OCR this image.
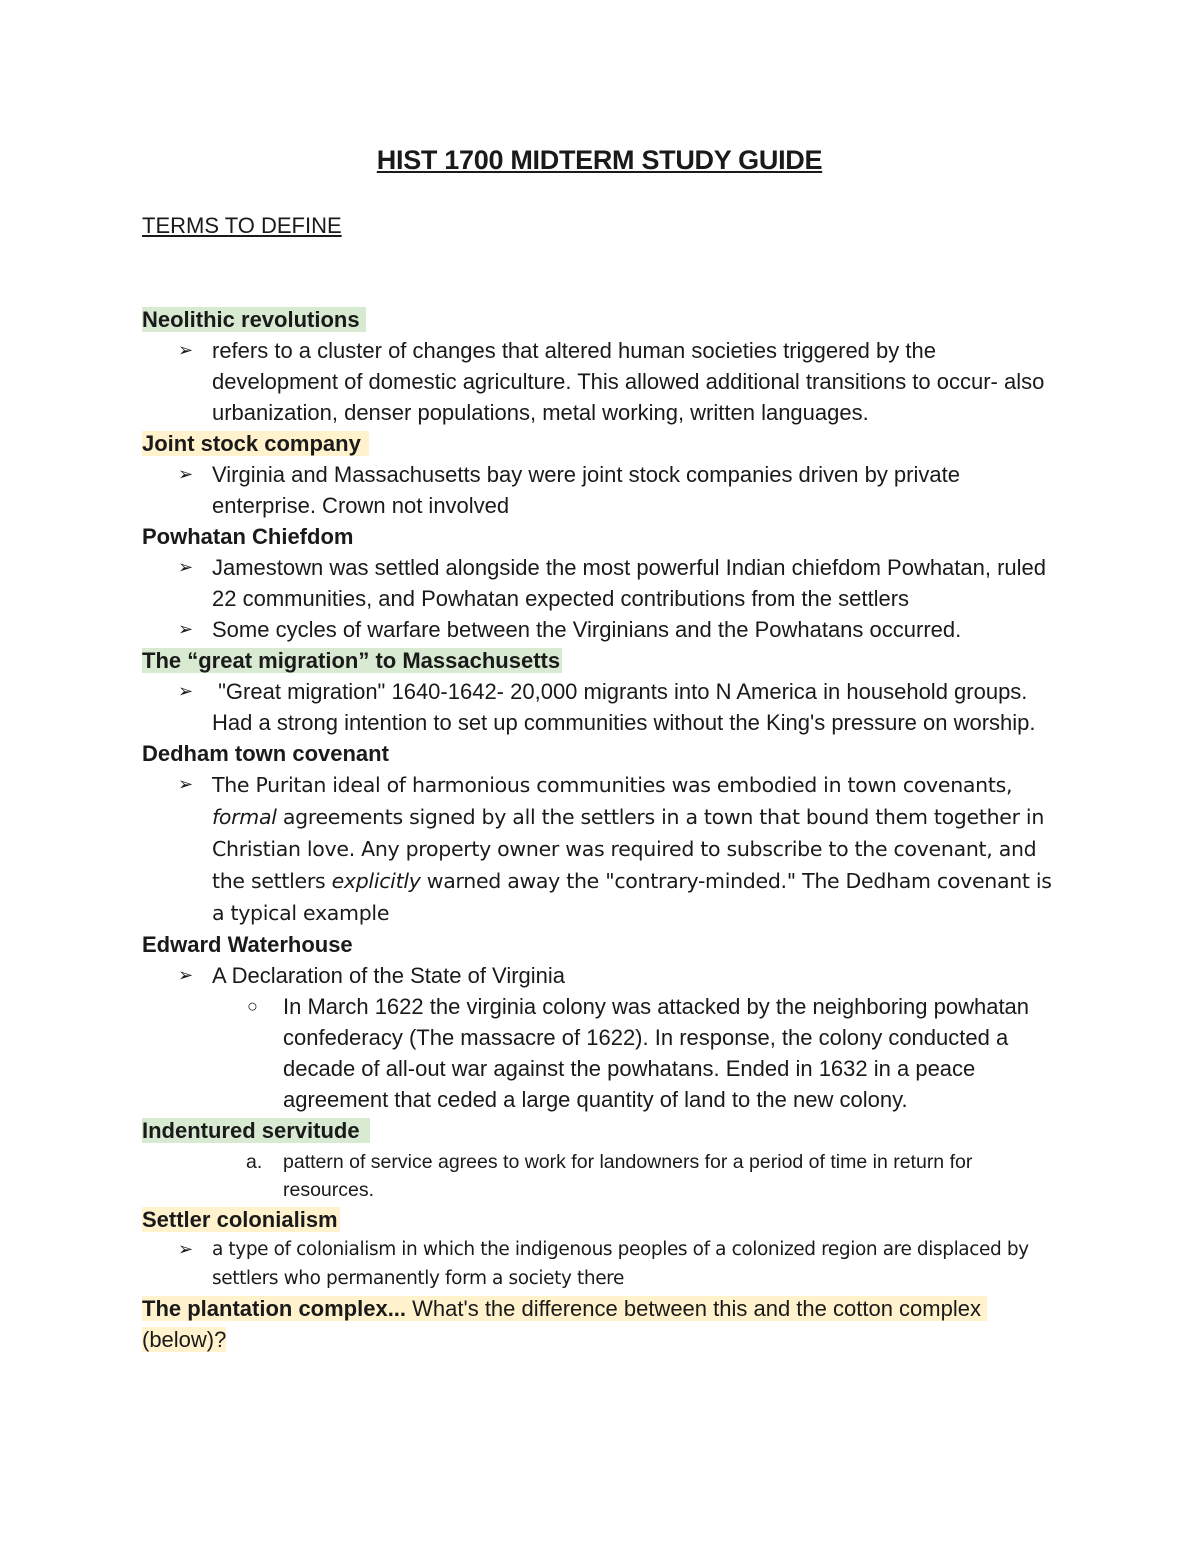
HIST 1700 MIDTERM STUDY GUIDE
TERMS TO DEFINE
Neolithic revolutions
➢ refers to a cluster of changes that altered human societies triggered by the development of domestic agriculture. This allowed additional transitions to occur- also urbanization, denser populations, metal working, written languages.
Joint stock company
➢ Virginia and Massachusetts bay were joint stock companies driven by private enterprise. Crown not involved
Powhatan Chiefdom
➢ Jamestown was settled alongside the most powerful Indian chiefdom Powhatan, ruled 22 communities, and Powhatan expected contributions from the settlers
➢ Some cycles of warfare between the Virginians and the Powhatans occurred.
The “great migration” to Massachusetts
➢ "Great migration" 1640-1642- 20,000 migrants into N America in household groups. Had a strong intention to set up communities without the King's pressure on worship.
Dedham town covenant
➢ The Puritan ideal of harmonious communities was embodied in town covenants, formal agreements signed by all the settlers in a town that bound them together in Christian love. Any property owner was required to subscribe to the covenant, and the settlers explicitly warned away the "contrary-minded." The Dedham covenant is a typical example
Edward Waterhouse
➢ A Declaration of the State of Virginia
○ In March 1622 the virginia colony was attacked by the neighboring powhatan confederacy (The massacre of 1622). In response, the colony conducted a decade of all-out war against the powhatans. Ended in 1632 in a peace agreement that ceded a large quantity of land to the new colony.
Indentured servitude
a. pattern of service agrees to work for landowners for a period of time in return for resources.
Settler colonialism
➢ a type of colonialism in which the indigenous peoples of a colonized region are displaced by settlers who permanently form a society there
The plantation complex... What's the difference between this and the cotton complex (below)?
